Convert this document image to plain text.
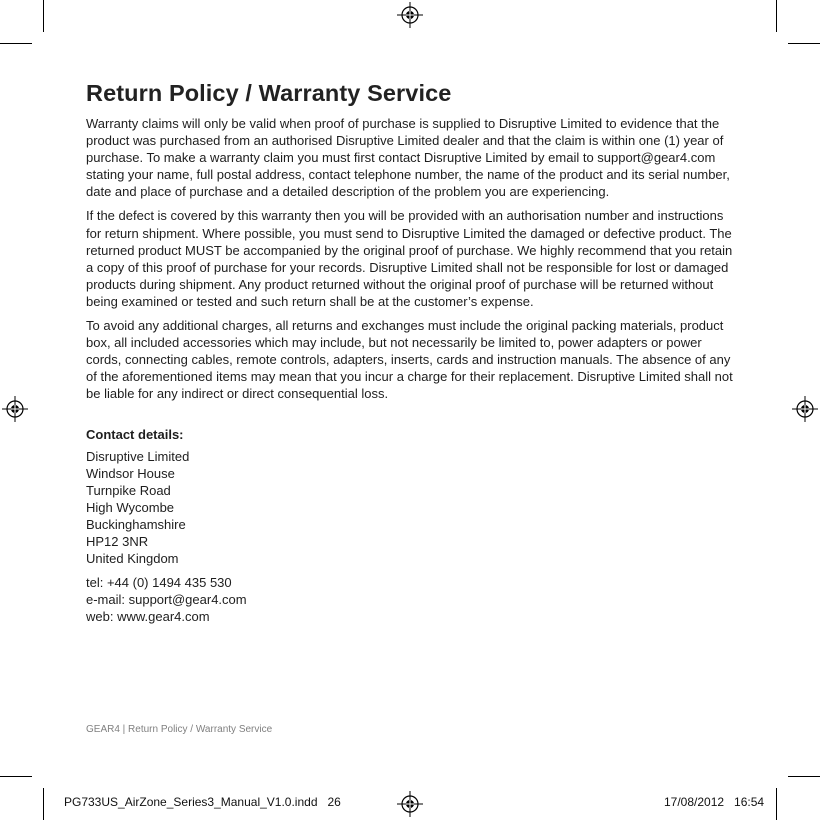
Return Policy / Warranty Service

Warranty claims will only be valid when proof of purchase is supplied to Disruptive Limited to evidence that the product was purchased from an authorised Disruptive Limited dealer and that the claim is within one (1) year of purchase. To make a warranty claim you must first contact Disruptive Limited by email to support@gear4.com stating your name, full postal address, contact telephone number, the name of the product and its serial number, date and place of purchase and a detailed description of the problem you are experiencing.

If the defect is covered by this warranty then you will be provided with an authorisation number and instructions for return shipment. Where possible, you must send to Disruptive Limited the damaged or defective product. The returned product MUST be accompanied by the original proof of purchase. We highly recommend that you retain a copy of this proof of purchase for your records. Disruptive Limited shall not be responsible for lost or damaged products during shipment. Any product returned without the original proof of purchase will be returned without being examined or tested and such return shall be at the customer’s expense.

To avoid any additional charges, all returns and exchanges must include the original packing materials, product box, all included accessories which may include, but not necessarily be limited to, power adapters or power cords, connecting cables, remote controls, adapters, inserts, cards and instruction manuals. The absence of any of the aforementioned items may mean that you incur a charge for their replacement. Disruptive Limited shall not be liable for any indirect or direct consequential loss.

Contact details:
Disruptive Limited
Windsor House
Turnpike Road
High Wycombe
Buckinghamshire
HP12 3NR
United Kingdom
tel: +44 (0) 1494 435 530
e-mail: support@gear4.com
web: www.gear4.com
GEAR4 | Return Policy / Warranty Service
PG733US_AirZone_Series3_Manual_V1.0.indd   26	17/08/2012   16:54
